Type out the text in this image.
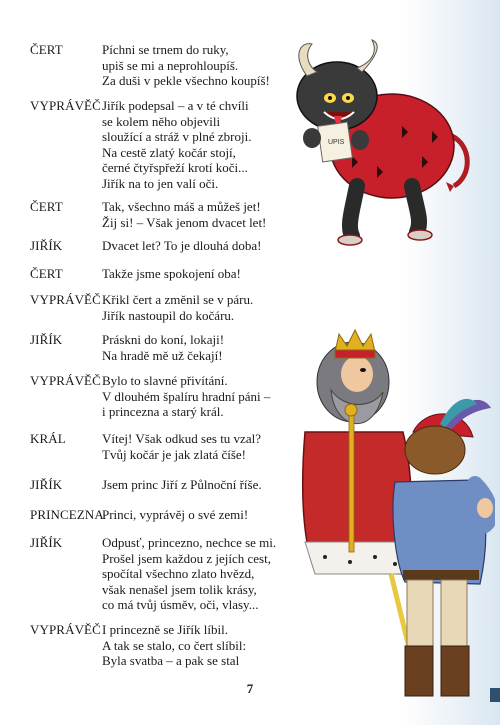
ČERT	Píchni se trnem do ruky,
upiš se mi a neprohloupíš.
Za duši v pekle všechno koupíš!
VYPRÁVĚČ Jiřík podepsal – a v té chvíli
se kolem něho objevili
sloužící a stráž v plné zbroji.
Na cestě zlatý kočár stojí,
černé čtyřspřeží krotí koči...
Jiřík na to jen valí oči.
ČERT	Tak, všechno máš a můžeš jet!
Žij si! – Však jenom dvacet let!
JIŘÍK	Dvacet let? To je dlouhá doba!
ČERT	Takže jsme spokojení oba!
VYPRÁVĚČ Křikl čert a změnil se v páru.
Jiřík nastoupil do kočáru.
JIŘÍK	Práskni do koní, lokaji!
Na hradě mě už čekají!
VYPRÁVĚČ Bylo to slavné přivítání.
V dlouhém špalíru hradní páni –
i princezna a starý král.
KRÁL	Vítej! Však odkud ses tu vzal?
Tvůj kočár je jak zlatá číše!
JIŘÍK	Jsem princ Jiří z Půlnoční říše.
PRINCEZNA
Princi, vyprávěj o své zemi!
JIŘÍK	Odpusť, princezno, nechce se mi.
Prošel jsem každou z jejích cest,
spočítal všechno zlato hvězd,
však nenašel jsem tolik krásy,
co má tvůj úsměv, oči, vlasy...
VYPRÁVĚČ I princezně se Jiřík líbil.
A tak se stalo, co čert slíbil:
Byla svatba – a pak se stal
7
UPIS
